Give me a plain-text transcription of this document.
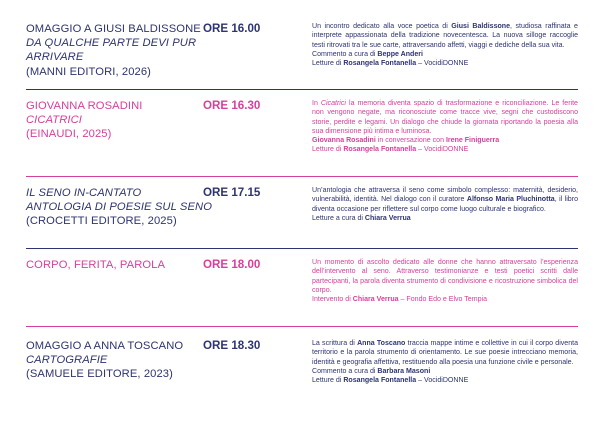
OMAGGIO A GIUSI BALDISSONE
DA QUALCHE PARTE DEVI PUR
ARRIVARE
(MANNI EDITORI, 2026)
ORE 16.00	Un incontro dedicato alla voce poetica di Giusi Baldissone, studiosa raffinata e interprete appassionata della tradizione novecentesca. La nuova silloge raccoglie testi ritrovati tra le sue carte, attraversando affetti, viaggi e dediche della sua vita.

Commento a cura di Beppe Anderi

Letture di Rosangela Fontanella – VocidiDONNE

GIOVANNA ROSADINI
CICATRICI
(EINAUDI, 2025)
ORE 16.30	In Cicatrici la memoria diventa spazio di trasformazione e riconciliazione. Le ferite non vengono negate, ma riconosciute come tracce vive, segni che custodiscono storie, perdite e legami. Un dialogo che chiude la giornata riportando la poesia alla sua dimensione più intima e luminosa.

Giovanna Rosadini in conversazione con Irene Finiguerra

Letture di Rosangela Fontanella – VocidiDONNE

IL SENO IN-CANTATO
ANTOLOGIA DI POESIE SUL SENO
(CROCETTI EDITORE, 2025)
ORE 17.15	Un’antologia che attraversa il seno come simbolo complesso: maternità, desiderio, vulnerabilità, identità. Nel dialogo con il curatore Alfonso Maria Pluchinotta, il libro diventa occasione per riflettere sul corpo come luogo culturale e biografico.

Letture a cura di Chiara Verrua

CORPO, FERITA, PAROLA	ORE 18.00	Un momento di ascolto dedicato alle donne che hanno attraversato l’esperienza dell’intervento al seno. Attraverso testimonianze e testi poetici scritti dalle partecipanti, la parola diventa strumento di condivisione e ricostruzione simbolica del corpo.

Intervento di Chiara Verrua – Fondo Edo e Elvo Tempia

OMAGGIO A ANNA TOSCANO
CARTOGRAFIE
(SAMUELE EDITORE, 2023)
ORE 18.30	La scrittura di Anna Toscano traccia mappe intime e collettive in cui il corpo diventa territorio e la parola strumento di orientamento. Le sue poesie intrecciano memoria, identità e geografia affettiva, restituendo alla poesia una funzione civile e personale.

Commento a cura di Barbara Masoni

Letture di Rosangela Fontanella – VocidiDONNE
